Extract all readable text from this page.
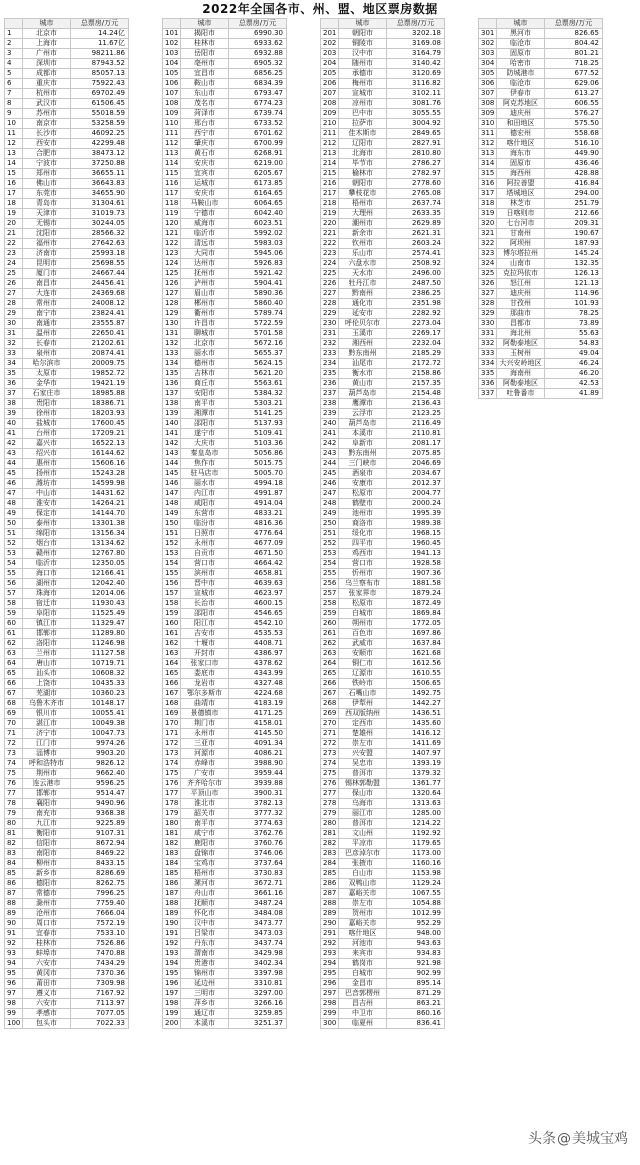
2022年全国各市、州、盟、地区票房数据
	城市	总票房/万元
1	北京市	14.24亿
2	上海市	11.67亿
3	广州市	98211.86
4	深圳市	87943.52
5	成都市	85057.13
6	重庆市	75922.43
7	杭州市	69702.49
8	武汉市	61506.45
9	苏州市	55018.59
10	南京市	53258.59
11	长沙市	46092.25
12	西安市	42299.48
13	合肥市	38473.12
14	宁波市	37250.88
15	郑州市	36655.11
16	佛山市	36643.83
17	东莞市	34655.90
18	青岛市	31304.61
19	天津市	31019.73
20	无锡市	30244.05
21	沈阳市	28566.32
22	福州市	27642.63
23	济南市	25993.18
24	昆明市	25698.55
25	厦门市	24667.44
26	南昌市	24456.41
27	大连市	24369.68
28	常州市	24008.12
29	南宁市	23824.41
30	南通市	23555.87
31	温州市	22650.41
32	长春市	21202.61
33	泉州市	20874.41
34	哈尔滨市	20009.75
35	太原市	19852.72
36	金华市	19421.19
37	石家庄市	18985.88
38	贵阳市	18386.71
39	徐州市	18203.93
40	盐城市	17600.45
41	台州市	17209.21
42	嘉兴市	16522.13
43	绍兴市	16144.62
44	惠州市	15606.16
45	扬州市	15243.28
46	潍坊市	14599.98
47	中山市	14431.62
48	淮安市	14264.21
49	保定市	14144.70
50	泰州市	13301.38
51	绵阳市	13156.34
52	烟台市	13134.62
53	赣州市	12767.80
54	临沂市	12350.05
55	海口市	12166.41
56	湖州市	12042.40
57	珠海市	12014.06
58	宿迁市	11930.43
59	阜阳市	11525.49
60	镇江市	11329.47
61	邯郸市	11289.80
62	洛阳市	11246.98
63	兰州市	11127.58
64	唐山市	10719.71
65	汕头市	10608.32
66	上饶市	10435.33
67	芜湖市	10360.23
68	乌鲁木齐市	10148.17
69	银川市	10055.41
70	湛江市	10049.38
71	济宁市	10047.73
72	江门市	9974.26
73	淄博市	9903.20
74	呼和浩特市	9826.12
75	荆州市	9662.40
76	连云港市	9596.25
77	邯郸市	9514.47
78	襄阳市	9490.96
79	南充市	9368.38
80	九江市	9225.89
81	衡阳市	9107.31
82	信阳市	8672.94
83	南阳市	8469.22
84	柳州市	8433.15
85	新乡市	8286.69
86	德阳市	8262.75
87	常德市	7996.25
88	滁州市	7759.40
89	沧州市	7666.04
90	周口市	7572.19
91	宜春市	7533.10
92	桂林市	7526.86
93	蚌埠市	7470.88
94	六安市	7434.29
95	黄冈市	7370.36
96	莆田市	7309.98
97	遵义市	7167.92
98	六安市	7113.97
99	孝感市	7077.05
100	包头市	7022.33
	城市	总票房/万元
101	揭阳市	6990.30
102	桂林市	6933.62
103	岳阳市	6932.88
104	亳州市	6905.32
105	宜昌市	6856.25
106	鞍山市	6834.39
107	东山市	6793.47
108	茂名市	6774.23
109	菏泽市	6739.74
110	邢台市	6733.52
111	西宁市	6701.62
112	肇庆市	6700.99
113	黄石市	6268.91
114	安庆市	6219.00
115	宜宾市	6205.67
116	运城市	6173.85
117	安庆市	6164.65
118	马鞍山市	6064.65
119	宁德市	6042.40
120	威海市	6023.51
121	临沂市	5992.02
122	清远市	5983.03
123	大同市	5945.06
124	达州市	5926.83
125	抚州市	5921.42
126	泸州市	5904.41
127	眉山市	5890.36
128	郴州市	5860.40
129	衢州市	5789.74
130	许昌市	5722.59
131	聊城市	5701.58
132	北京市	5672.16
133	丽水市	5655.37
134	德州市	5624.15
135	吉林市	5621.20
136	商丘市	5563.61
137	安阳市	5384.32
138	南平市	5303.21
139	湘潭市	5141.25
140	邵阳市	5137.93
141	遂宁市	5109.41
142	大庆市	5103.36
143	秦皇岛市	5056.86
144	焦作市	5015.75
145	驻马店市	5005.70
146	丽水市	4994.18
147	内江市	4991.87
148	咸阳市	4914.04
149	东营市	4833.21
150	临汾市	4816.36
151	日照市	4776.64
152	永州市	4677.09
153	自贡市	4671.50
154	营口市	4664.42
155	滨州市	4658.81
156	晋中市	4639.63
157	宣城市	4623.97
158	长治市	4600.15
159	邵阳市	4546.65
160	阳江市	4542.10
161	吉安市	4535.53
162	十堰市	4408.71
163	开封市	4386.97
164	张家口市	4378.62
165	娄底市	4343.99
166	龙岩市	4327.48
167	鄂尔多斯市	4224.68
168	曲靖市	4183.19
169	景德镇市	4171.25
170	荆门市	4158.01
171	永州市	4145.50
172	三亚市	4091.34
173	河源市	4086.21
174	赤峰市	3988.90
175	广安市	3959.44
176	齐齐哈尔市	3939.88
177	平顶山市	3900.31
178	淮北市	3782.13
179	韶关市	3777.32
180	南平市	3774.63
181	咸宁市	3762.76
182	鹿阳市	3760.76
183	盘锦市	3746.06
184	宝鸡市	3737.64
185	梧州市	3730.83
186	漯河市	3672.71
187	舟山市	3661.16
188	抚顺市	3487.24
189	怀化市	3484.08
190	汉中市	3473.77
191	吕梁市	3473.03
192	丹东市	3437.74
193	渭南市	3429.98
194	贵港市	3402.34
195	锦州市	3397.98
196	延边州	3310.81
197	三明市	3297.00
198	萍乡市	3266.16
199	通辽市	3259.85
200	本溪市	3251.37
	城市	总票房/万元
201	朝阳市	3202.18
202	铜陵市	3169.08
203	汉中市	3164.79
204	随州市	3140.42
205	承德市	3120.69
206	梅州市	3116.82
207	宣城市	3102.11
208	凉州市	3081.76
209	巴中市	3055.55
210	拉萨市	3004.92
211	佳木斯市	2849.65
212	辽阳市	2827.91
213	北海市	2810.80
214	毕节市	2786.27
215	榆林市	2782.97
216	朝阳市	2778.60
217	攀枝花市	2765.08
218	梧州市	2637.74
219	大理州	2633.35
220	潮州市	2629.89
221	新余市	2621.31
222	钦州市	2603.24
223	乐山市	2574.41
224	六盘水市	2508.92
225	天水市	2496.00
226	牡丹江市	2487.50
227	黔南州	2386.25
228	通化市	2351.98
229	延安市	2282.92
230	呼伦贝尔市	2273.04
231	玉溪市	2269.17
232	湘西州	2232.04
233	黔东南州	2185.29
234	汕尾市	2172.72
235	衡水市	2158.86
236	黄山市	2157.35
237	葫芦岛市	2154.48
238	鹰潭市	2136.43
239	云浮市	2123.25
240	葫芦岛市	2116.49
241	本溪市	2110.81
242	阜新市	2081.17
243	黔东南州	2075.85
244	三门峡市	2046.69
245	酒泉市	2034.67
246	安康市	2012.37
247	松原市	2004.77
248	鹤壁市	2000.24
249	池州市	1995.39
250	商洛市	1989.38
251	绥化市	1968.15
252	四平市	1960.45
253	鸡西市	1941.13
254	营口市	1928.58
255	忻州市	1907.36
256	乌兰察布市	1881.58
257	张家界市	1879.24
258	松原市	1872.49
259	白城市	1869.84
260	朔州市	1772.05
261	百色市	1697.86
262	武威市	1637.84
263	安顺市	1621.68
264	铜仁市	1612.56
265	辽源市	1610.55
266	铁岭市	1506.65
267	石嘴山市	1492.75
268	伊犁州	1442.27
269	西双版纳州	1436.51
270	定西市	1435.60
271	楚雄州	1416.12
272	崇左市	1411.69
273	兴安盟	1407.97
274	吴忠市	1393.19
275	普洱市	1379.32
276	锡林郭勒盟	1361.77
277	保山市	1320.64
278	乌海市	1313.63
279	丽江市	1285.00
280	普洱市	1214.22
281	文山州	1192.92
282	平凉市	1179.65
283	巴彦淖尔市	1173.00
284	张掖市	1160.16
285	白山市	1153.98
286	双鸭山市	1129.24
287	嘉峪关市	1067.55
288	崇左市	1054.88
289	贺州市	1012.99
290	嘉峪关市	952.29
291	喀什地区	948.00
292	河池市	943.63
293	来宾市	934.83
294	鹤岗市	921.98
295	白城市	902.99
296	金昌市	895.14
297	巴音郭楞州	871.29
298	昌吉州	863.21
299	中卫市	860.16
300	临夏州	836.41
	城市	总票房/万元
301	黑河市	826.65
302	临沧市	804.42
303	固原市	801.21
304	哈密市	718.25
305	防城港市	677.52
306	临沧市	629.06
307	伊春市	613.27
308	阿克苏地区	606.55
309	迪庆州	576.27
310	和田地区	575.50
311	德宏州	558.68
312	喀什地区	516.10
313	海东市	449.90
314	固原市	436.46
315	海西州	428.88
316	阿拉善盟	416.84
317	塔城地区	294.00
318	林芝市	251.79
319	日喀则市	212.66
320	七台河市	209.31
321	甘南州	190.67
322	阿坝州	187.93
323	博尔塔拉州	145.24
324	山南市	132.35
325	克拉玛依市	126.13
326	怒江州	121.13
327	迪庆州	114.96
328	甘孜州	101.93
329	那曲市	78.25
330	昌都市	73.89
331	海北州	55.63
332	阿勒泰地区	54.83
333	玉树州	49.04
334	大兴安岭地区	46.24
335	海南州	46.20
336	阿勒泰地区	42.53
337	吐鲁番市	41.89
头条@美城宝鸡
